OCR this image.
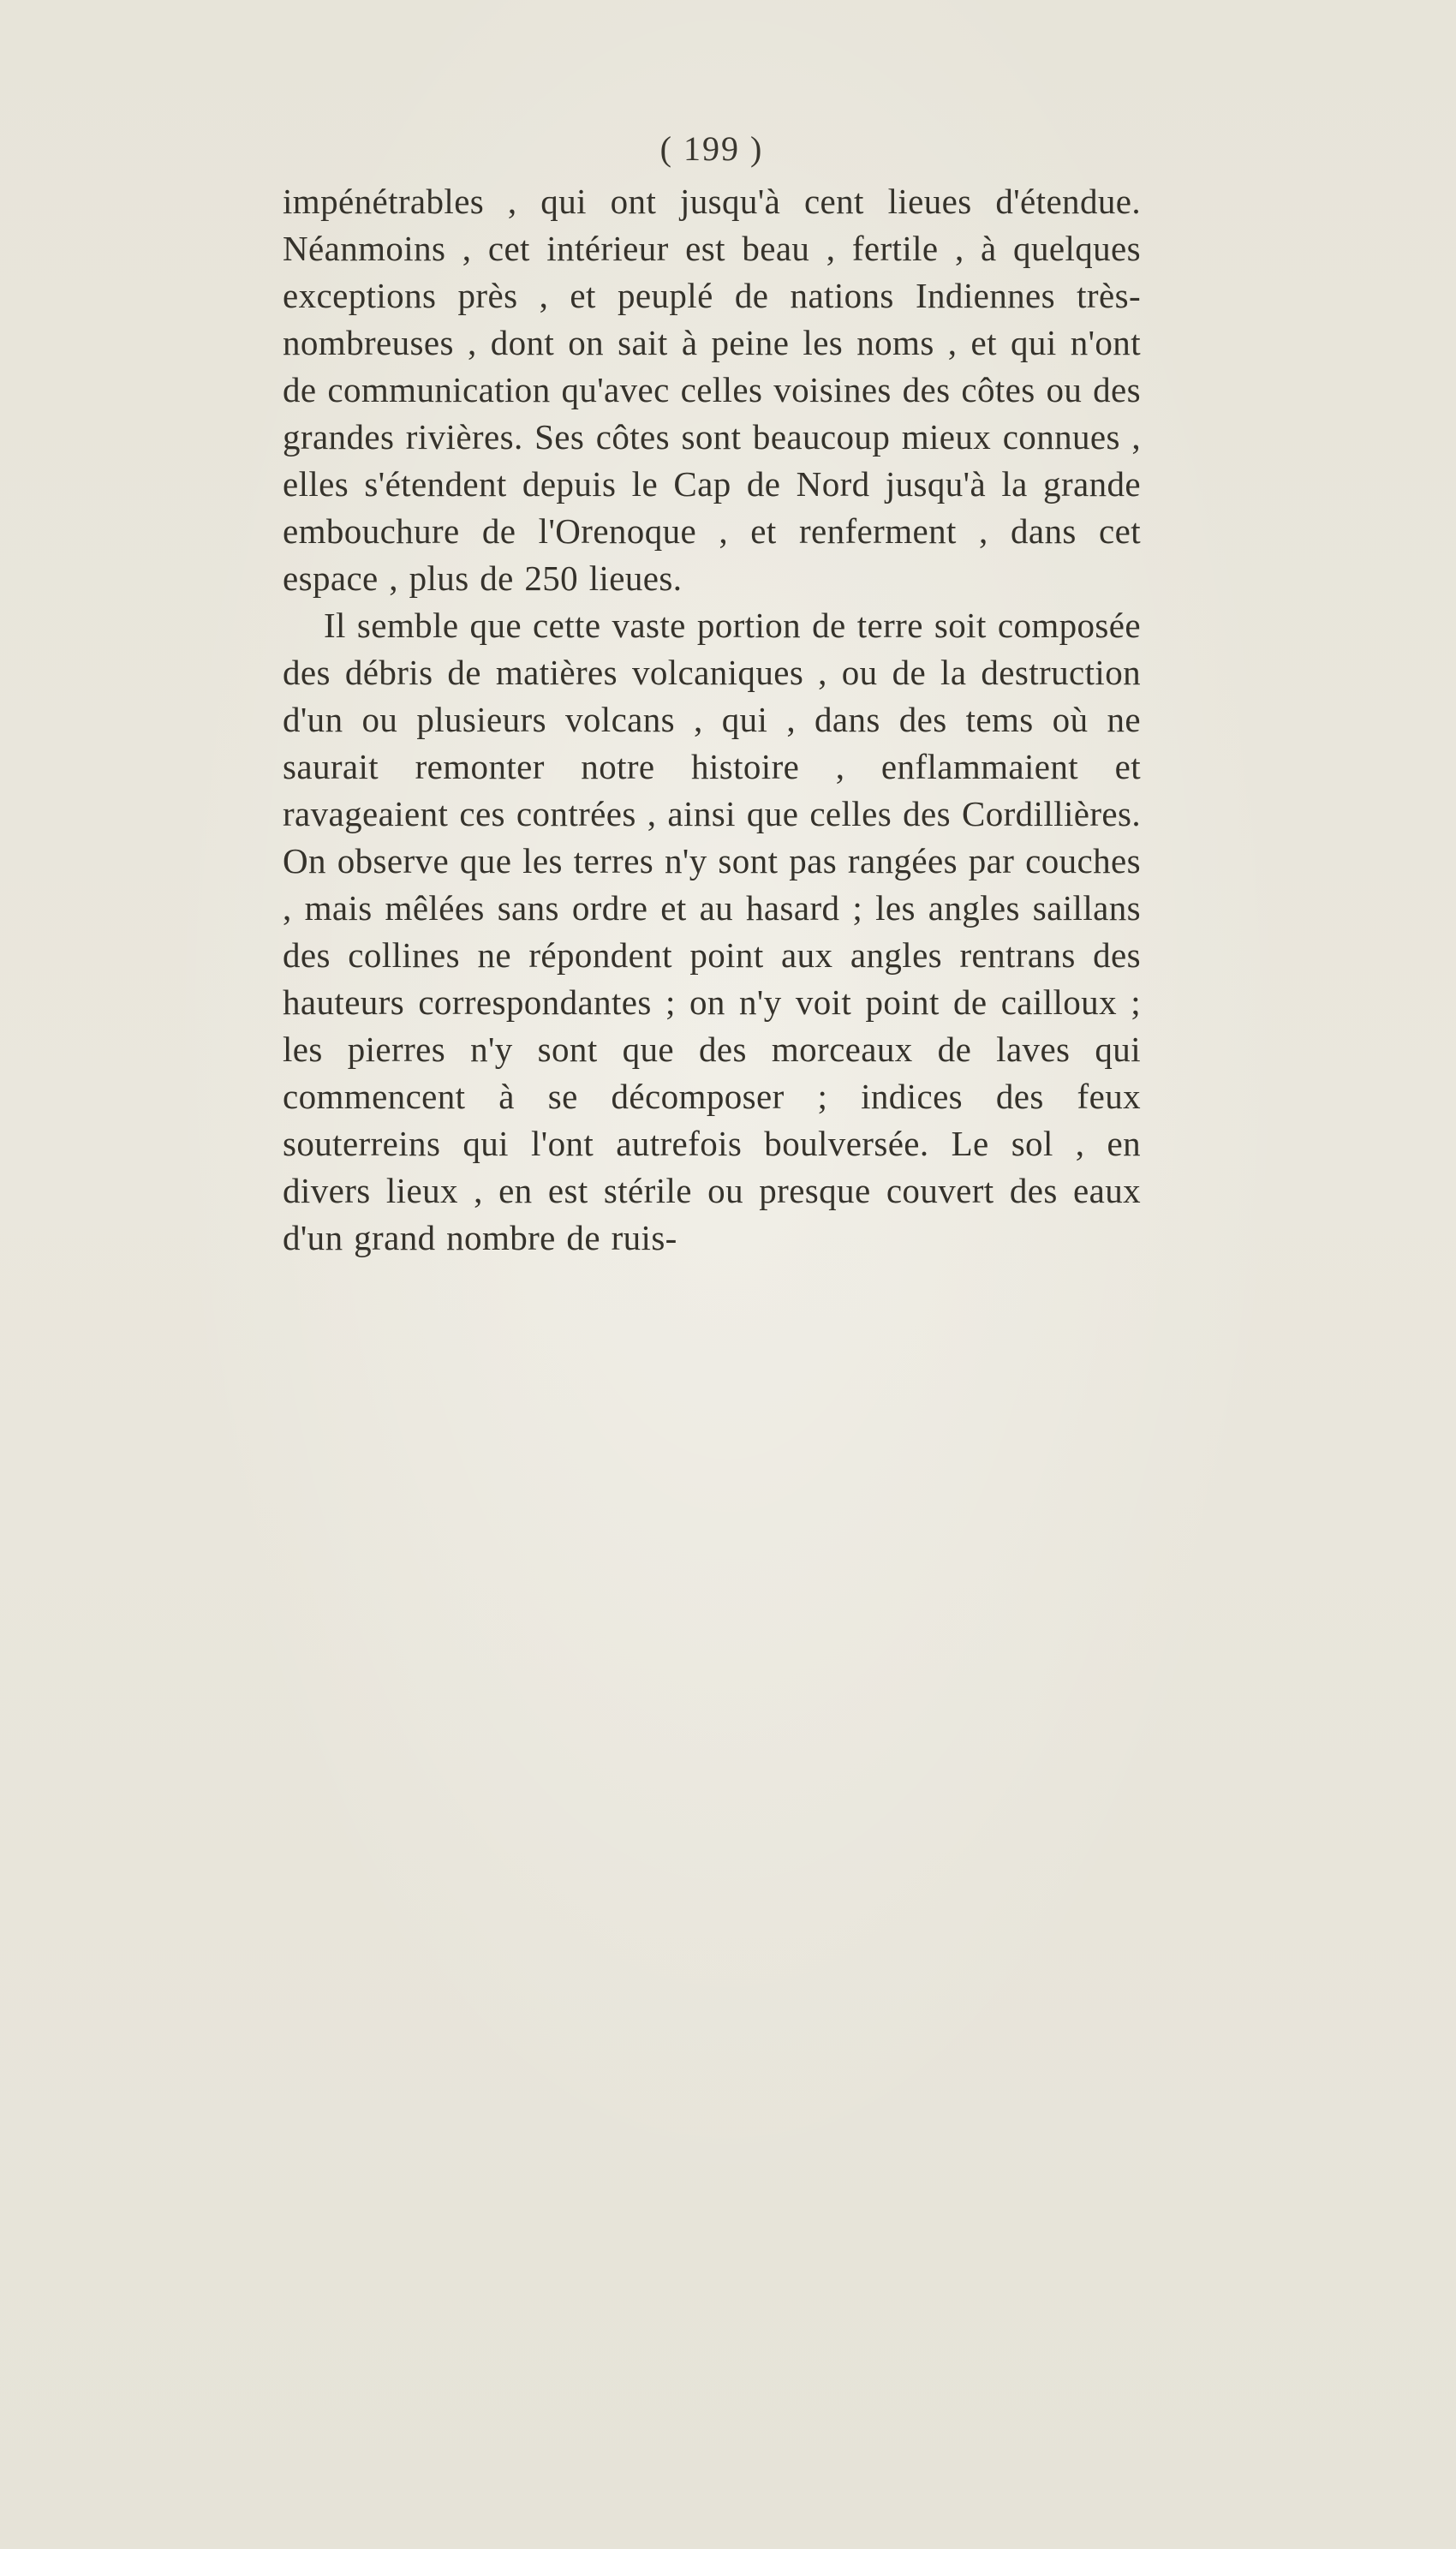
( 199 )

impénétrables , qui ont jusqu'à cent lieues d'étendue. Néanmoins , cet intérieur est beau , fertile , à quelques exceptions près , et peuplé de nations Indiennes très-nombreuses , dont on sait à peine les noms , et qui n'ont de communication qu'avec celles voisines des côtes ou des grandes rivières. Ses côtes sont beaucoup mieux connues , elles s'étendent depuis le Cap de Nord jusqu'à la grande embouchure de l'Orenoque , et renferment , dans cet espace , plus de 250 lieues.

Il semble que cette vaste portion de terre soit composée des débris de matières volcaniques , ou de la destruction d'un ou plusieurs volcans , qui , dans des tems où ne saurait remonter notre histoire , enflammaient et ravageaient ces contrées , ainsi que celles des Cordillières. On observe que les terres n'y sont pas rangées par couches , mais mêlées sans ordre et au hasard ; les angles saillans des collines ne répondent point aux angles rentrans des hauteurs correspondantes ; on n'y voit point de cailloux ; les pierres n'y sont que des morceaux de laves qui commencent à se décomposer ; indices des feux souterreins qui l'ont autrefois boulversée. Le sol , en divers lieux , en est stérile ou presque couvert des eaux d'un grand nombre de ruis-
